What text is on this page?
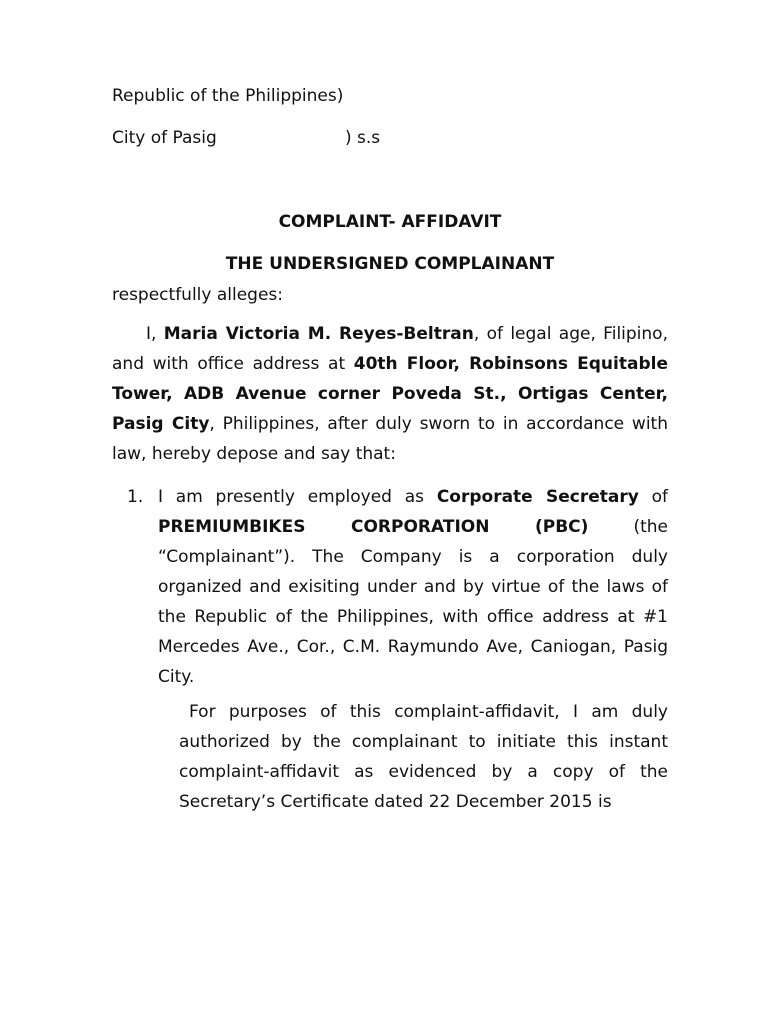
Republic of the Philippines)
City of Pasig	) s.s
COMPLAINT- AFFIDAVIT
THE UNDERSIGNED COMPLAINANT
respectfully alleges:

I, Maria Victoria M. Reyes-Beltran, of legal age, Filipino, and with office address at 40th Floor, Robinsons Equitable Tower, ADB Avenue corner Poveda St., Ortigas Center, Pasig City, Philippines, after duly sworn to in accordance with law, hereby depose and say that:

1. I am presently employed as Corporate Secretary of PREMIUMBIKES CORPORATION (PBC) (the “Complainant”). The Company is a corporation duly organized and exisiting under and by virtue of the laws of the Republic of the Philippines, with office address at #1 Mercedes Ave., Cor., C.M. Raymundo Ave, Caniogan, Pasig City.

For purposes of this complaint-affidavit, I am duly authorized by the complainant to initiate this instant complaint-affidavit as evidenced by a copy of the Secretary’s Certificate dated 22 December 2015 is
